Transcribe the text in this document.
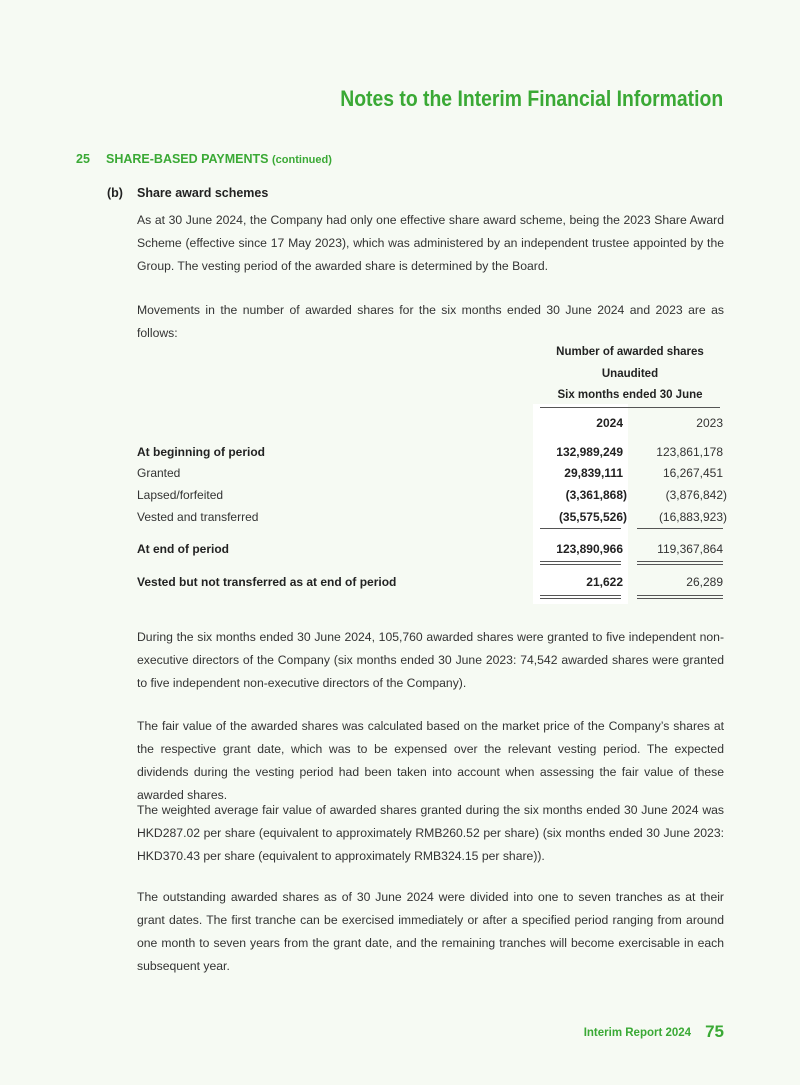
Notes to the Interim Financial Information
25 SHARE-BASED PAYMENTS (continued)
(b) Share award schemes
As at 30 June 2024, the Company had only one effective share award scheme, being the 2023 Share Award Scheme (effective since 17 May 2023), which was administered by an independent trustee appointed by the Group. The vesting period of the awarded share is determined by the Board.
Movements in the number of awarded shares for the six months ended 30 June 2024 and 2023 are as follows:
Number of awarded shares
Unaudited
Six months ended 30 June
2024	2023
At beginning of period	132,989,249	123,861,178
Granted	29,839,111	16,267,451
Lapsed/forfeited	(3,361,868)	(3,876,842)
Vested and transferred	(35,575,526)	(16,883,923)
At end of period	123,890,966	119,367,864
Vested but not transferred as at end of period	21,622	26,289
During the six months ended 30 June 2024, 105,760 awarded shares were granted to five independent non-executive directors of the Company (six months ended 30 June 2023: 74,542 awarded shares were granted to five independent non-executive directors of the Company).
The fair value of the awarded shares was calculated based on the market price of the Company’s shares at the respective grant date, which was to be expensed over the relevant vesting period. The expected dividends during the vesting period had been taken into account when assessing the fair value of these awarded shares.
The weighted average fair value of awarded shares granted during the six months ended 30 June 2024 was HKD287.02 per share (equivalent to approximately RMB260.52 per share) (six months ended 30 June 2023: HKD370.43 per share (equivalent to approximately RMB324.15 per share)).
The outstanding awarded shares as of 30 June 2024 were divided into one to seven tranches as at their grant dates. The first tranche can be exercised immediately or after a specified period ranging from around one month to seven years from the grant date, and the remaining tranches will become exercisable in each subsequent year.
Interim Report 2024 75
